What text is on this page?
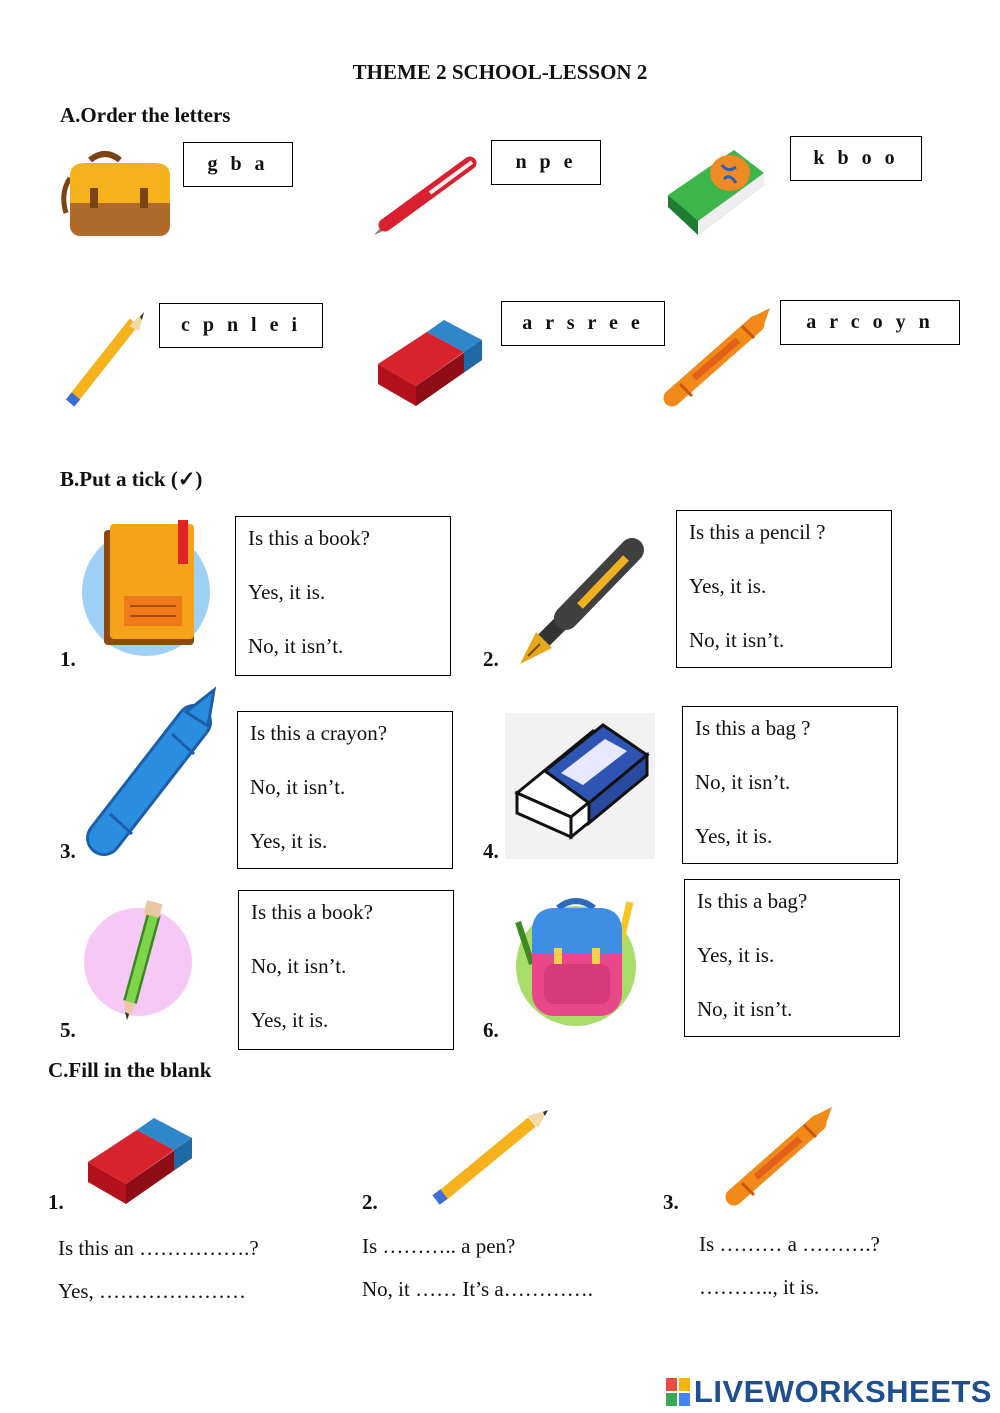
THEME 2 SCHOOL-LESSON 2
A.Order the letters
g b a	n p e	k b o o
c p n l e i	a r s r e e	a r c o y n
B.Put a tick (✓)
1.
Is this a book?
Yes, it is.
No, it isn’t.
2.
Is this a pencil ?
Yes, it is.
No, it isn’t.
3.
Is this a crayon?
No, it isn’t.
Yes, it is.	4.
Is this a bag ?
No, it isn’t.
Yes, it is.
5.
Is this a book?
No, it isn’t.
Yes, it is.	6.
Is this a bag?
Yes, it is.
No, it isn’t.
C.Fill in the blank
1.
Is this an …………….?
Yes, …………………
2.
Is ……….. a pen?
No, it …… It’s a………….
3.
Is ……… a ……….?
……….., it is.
LIVEWORKSHEETS
